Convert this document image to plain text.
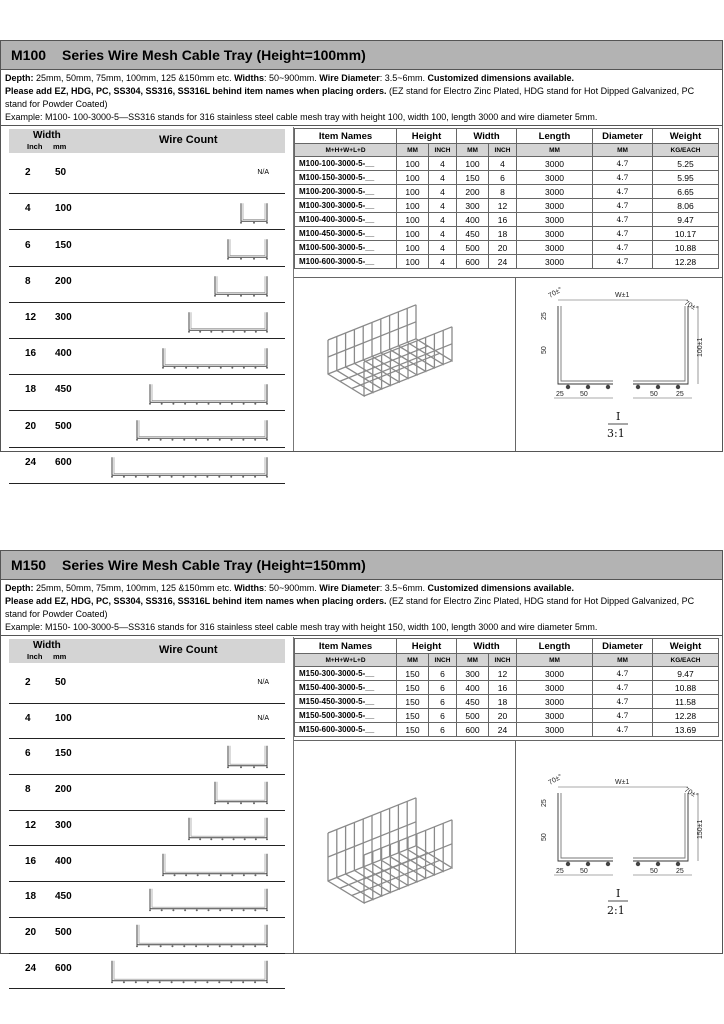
M100 Series Wire Mesh Cable Tray (Height=100mm)
Depth: 25mm, 50mm, 75mm, 100mm, 125 &150mm etc. Widths: 50~900mm. Wire Diameter: 3.5~6mm. Customized dimensions available.
Please add EZ, HDG, PC, SS304, SS316, SS316L behind item names when placing orders. (EZ stand for Electro Zinc Plated, HDG stand for Hot Dipped Galvanized, PC stand for Powder Coated)
Example: M100- 100-3000-5—SS316 stands for 316 stainless steel cable mesh tray with height 100, width 100, length 3000 and wire diameter 5mm.
Width
Inch mm
Wire Count
2 50	N/A
4 100
6 150
8 200
12 300
16 400
18 450
20 500
24 600
Item Names	Height		Width		Length	Diameter	Weight
M+H+W+L+D	MM	INCH	MM	INCH	MM	MM	KG/EACH
M100-100-3000-5-__	100	4	100	4	3000	4.7	5.25
M100-150-3000-5-__	100	4	150	6	3000	4.7	5.95
M100-200-3000-5-__	100	4	200	8	3000	4.7	6.65
M100-300-3000-5-__	100	4	300	12	3000	4.7	8.06
M100-400-3000-5-__	100	4	400	16	3000	4.7	9.47
M100-450-3000-5-__	100	4	450	18	3000	4.7	10.17
M100-500-3000-5-__	100	4	500	20	3000	4.7	10.88
M100-600-3000-5-__	100	4	600	24	3000	4.7	12.28
W±1
100±1
70±°
70±°
25
50
25 50	50	25
I
3:1
M150 Series Wire Mesh Cable Tray (Height=150mm)
Depth: 25mm, 50mm, 75mm, 100mm, 125 &150mm etc. Widths: 50~900mm. Wire Diameter: 3.5~6mm. Customized dimensions available.
Please add EZ, HDG, PC, SS304, SS316, SS316L behind item names when placing orders. (EZ stand for Electro Zinc Plated, HDG stand for Hot Dipped Galvanized, PC stand for Powder Coated)
Example: M150- 100-3000-5—SS316 stands for 316 stainless steel cable mesh tray with height 150, width 100, length 3000 and wire diameter 5mm.
Width
Inch mm
Wire Count
2 50	N/A
4 100	N/A
6 150
8 200
12 300
16 400
18 450
20 500
24 600
Item Names	Height		Width		Length	Diameter	Weight
M+H+W+L+D	MM	INCH	MM	INCH	MM	MM	KG/EACH
M150-300-3000-5-__	150	6	300	12	3000	4.7	9.47
M150-400-3000-5-__	150	6	400	16	3000	4.7	10.88
M150-450-3000-5-__	150	6	450	18	3000	4.7	11.58
M150-500-3000-5-__	150	6	500	20	3000	4.7	12.28
M150-600-3000-5-__	150	6	600	24	3000	4.7	13.69
W±1
150±1
70±°
70±°
25
50
25 50	50	25
I
2:1
